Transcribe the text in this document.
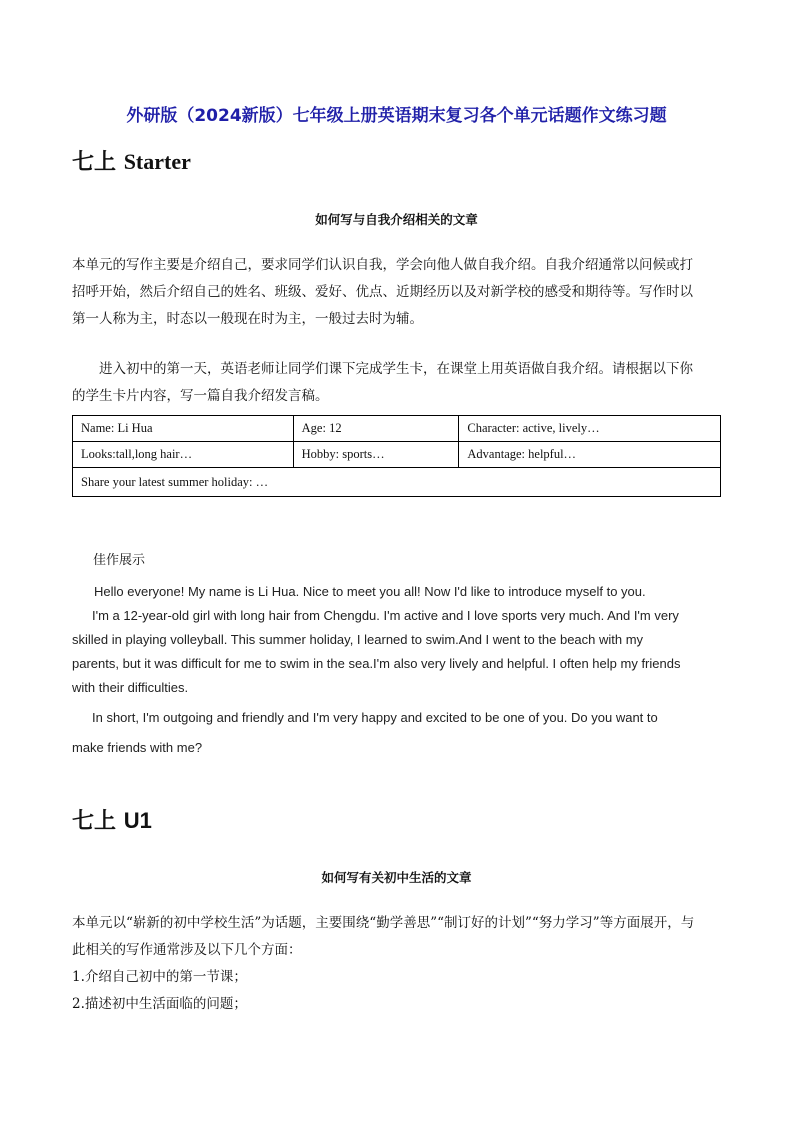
外研版（2024新版）七年级上册英语期末复习各个单元话题作文练习题
七上 Starter
如何写与自我介绍相关的文章

本单元的写作主要是介绍自己，要求同学们认识自我，学会向他人做自我介绍。自我介绍通常以问候或打

招呼开始，然后介绍自己的姓名、班级、爱好、优点、近期经历以及对新学校的感受和期待等。写作时以

第一人称为主，时态以一般现在时为主，一般过去时为辅。

进入初中的第一天，英语老师让同学们课下完成学生卡，在课堂上用英语做自我介绍。请根据以下你

的学生卡片内容，写一篇自我介绍发言稿。

Name: Li Hua	Age: 12	Character: active, lively…
Looks:tall,long hair…	Hobby: sports…	Advantage: helpful…
Share your latest summer holiday: …		
佳作展示

Hello everyone! My name is Li Hua. Nice to meet you all! Now I'd like to introduce myself to you.

I'm a 12-year-old girl with long hair from Chengdu. I'm active and I love sports very much. And I'm very

skilled in playing volleyball. This summer holiday, I learned to swim.And I went to the beach with my

parents, but it was difficult for me to swim in the sea.I'm also very lively and helpful. I often help my friends

with their difficulties.

In short, I'm outgoing and friendly and I'm very happy and excited to be one of you. Do you want to

make friends with me?

七上 U1
如何写有关初中生活的文章

本单元以“崭新的初中学校生活”为话题，主要围绕“勤学善思”“制订好的计划”“努力学习”等方面展开，与

此相关的写作通常涉及以下几个方面：

1.介绍自己初中的第一节课；

2.描述初中生活面临的问题；
